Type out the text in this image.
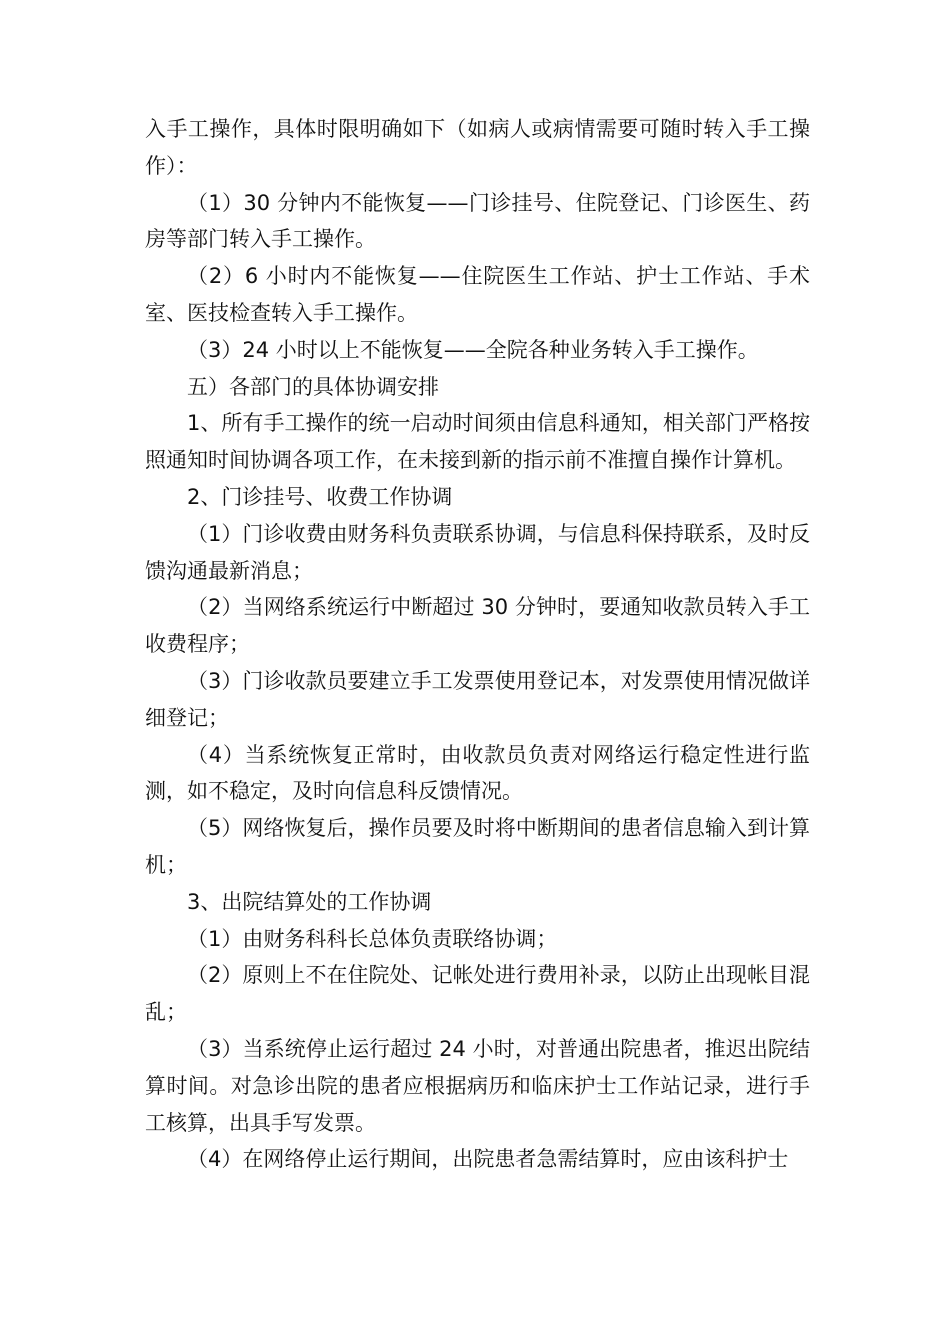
入手工操作，具体时限明确如下（如病人或病情需要可随时转入手工操作）：

（1）30 分钟内不能恢复——门诊挂号、住院登记、门诊医生、药房等部门转入手工操作。

（2）6 小时内不能恢复——住院医生工作站、护士工作站、手术室、医技检查转入手工操作。

（3）24 小时以上不能恢复——全院各种业务转入手工操作。

五）各部门的具体协调安排

1、所有手工操作的统一启动时间须由信息科通知，相关部门严格按照通知时间协调各项工作，在未接到新的指示前不准擅自操作计算机。

2、门诊挂号、收费工作协调

（1）门诊收费由财务科负责联系协调，与信息科保持联系，及时反馈沟通最新消息；

（2）当网络系统运行中断超过 30 分钟时，要通知收款员转入手工收费程序；

（3）门诊收款员要建立手工发票使用登记本，对发票使用情况做详细登记；

（4）当系统恢复正常时，由收款员负责对网络运行稳定性进行监测，如不稳定，及时向信息科反馈情况。

（5）网络恢复后，操作员要及时将中断期间的患者信息输入到计算机；

3、出院结算处的工作协调

（1）由财务科科长总体负责联络协调；

（2）原则上不在住院处、记帐处进行费用补录，以防止出现帐目混乱；

（3）当系统停止运行超过 24 小时，对普通出院患者，推迟出院结算时间。对急诊出院的患者应根据病历和临床护士工作站记录，进行手工核算，出具手写发票。

（4）在网络停止运行期间，出院患者急需结算时，应由该科护士
